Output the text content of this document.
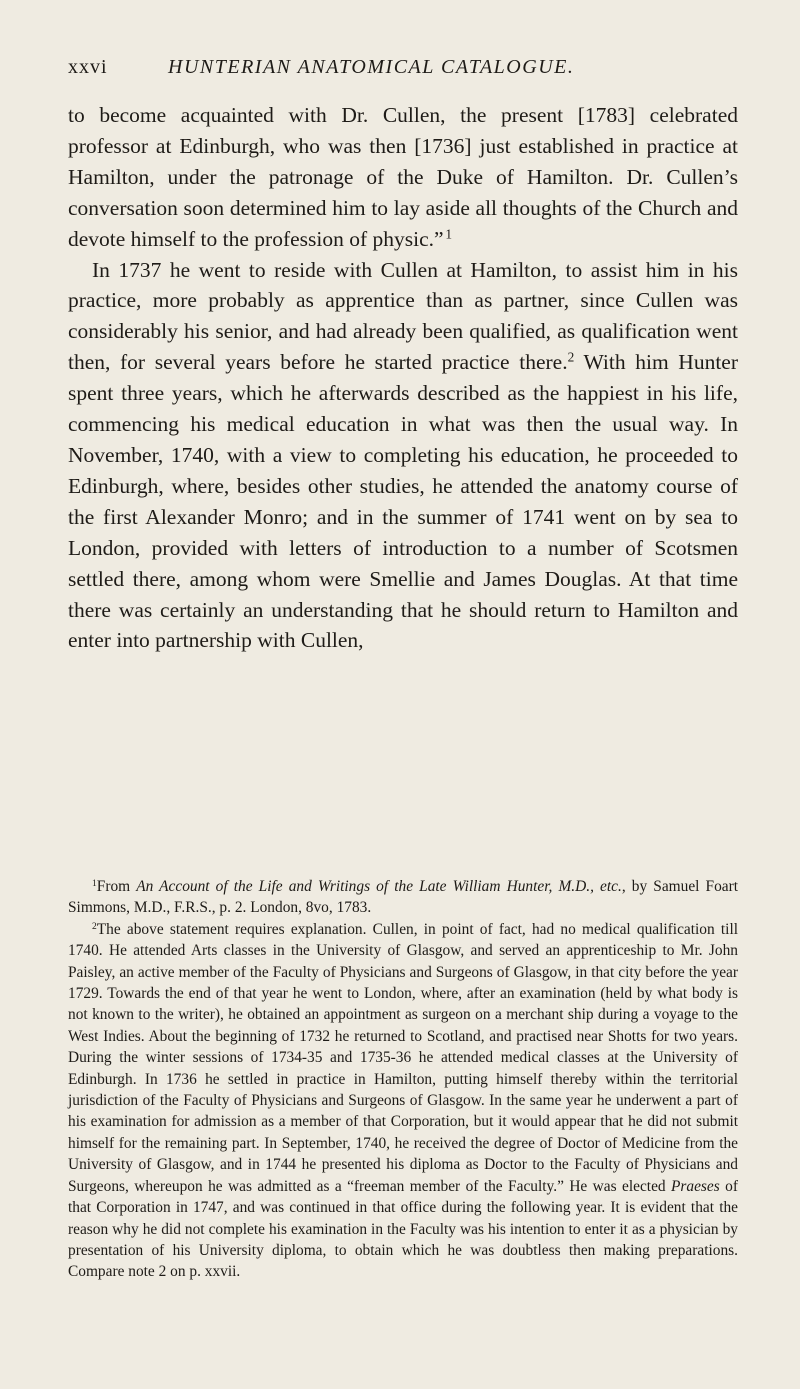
xxvi	HUNTERIAN ANATOMICAL CATALOGUE.

to become acquainted with Dr. Cullen, the present [1783] celebrated professor at Edinburgh, who was then [1736] just established in practice at Hamilton, under the patronage of the Duke of Hamilton. Dr. Cullen’s conversation soon determined him to lay aside all thoughts of the Church and devote himself to the profession of physic.”  $^1$

In 1737 he went to reside with Cullen at Hamilton, to assist him in his practice, more probably as apprentice than as partner, since Cullen was considerably his senior, and had already been qualified, as qualification went then, for several years before he started practice there.$^2$ With him Hunter spent three years, which he afterwards described as the happiest in his life, commencing his medical education in what was then the usual way. In November, 1740, with a view to completing his education, he proceeded to Edinburgh, where, besides other studies, he attended the anatomy course of the first Alexander Monro; and in the summer of 1741 went on by sea to London, provided with letters of introduction to a number of Scotsmen settled there, among whom were Smellie and James Douglas. At that time there was certainly an understanding that he should return to Hamilton and enter into partnership with Cullen,

$^1$From An Account of the Life and Writings of the Late William Hunter, M.D., etc., by Samuel Foart Simmons, M.D., F.R.S., p. 2. London, 8vo, 1783.

$^2$The above statement requires explanation. Cullen, in point of fact, had no medical qualification till 1740. He attended Arts classes in the University of Glasgow, and served an apprenticeship to Mr. John Paisley, an active member of the Faculty of Physicians and Surgeons of Glasgow, in that city before the year 1729. Towards the end of that year he went to London, where, after an examination (held by what body is not known to the writer), he obtained an appointment as surgeon on a merchant ship during a voyage to the West Indies. About the beginning of 1732 he returned to Scotland, and practised near Shotts for two years. During the winter sessions of 1734-35 and 1735-36 he attended medical classes at the University of Edinburgh. In 1736 he settled in practice in Hamilton, putting himself thereby within the territorial jurisdiction of the Faculty of Physicians and Surgeons of Glasgow. In the same year he underwent a part of his examination for admission as a member of that Corporation, but it would appear that he did not submit himself for the remaining part. In September, 1740, he received the degree of Doctor of Medicine from the University of Glasgow, and in 1744 he presented his diploma as Doctor to the Faculty of Physicians and Surgeons, whereupon he was admitted as a “freeman member of the Faculty.” He was elected Praeses of that Corporation in 1747, and was continued in that office during the following year. It is evident that the reason why he did not complete his examination in the Faculty was his intention to enter it as a physician by presentation of his University diploma, to obtain which he was doubtless then making preparations. Compare note 2 on p. xxvii.
